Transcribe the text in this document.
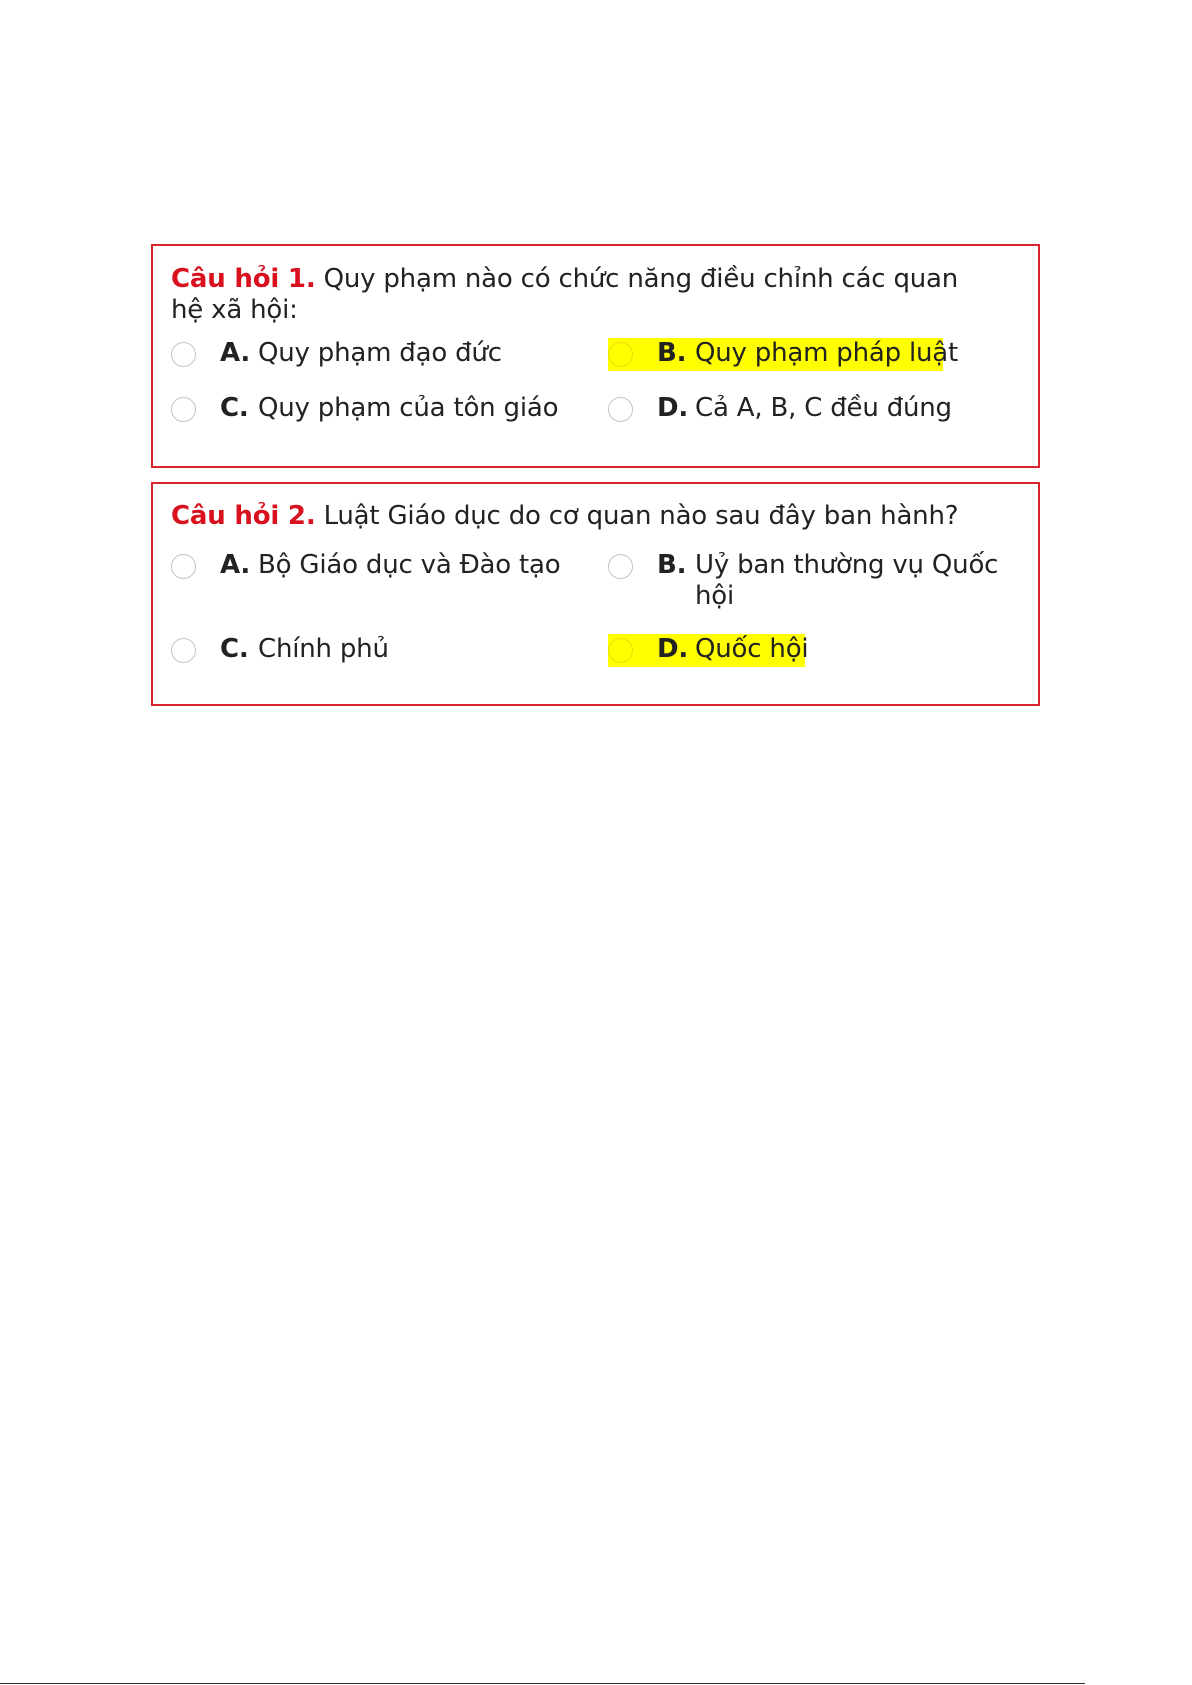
Câu hỏi 1. Quy phạm nào có chức năng điều chỉnh các quan hệ xã hội:
A. Quy phạm đạo đức	B. Quy phạm pháp luật
C. Quy phạm của tôn giáo	D. Cả A, B, C đều đúng
Câu hỏi 2. Luật Giáo dục do cơ quan nào sau đây ban hành?
A. Bộ Giáo dục và Đào tạo	B. Uỷ ban thường vụ Quốc
hội
C. Chính phủ	D. Quốc hội
